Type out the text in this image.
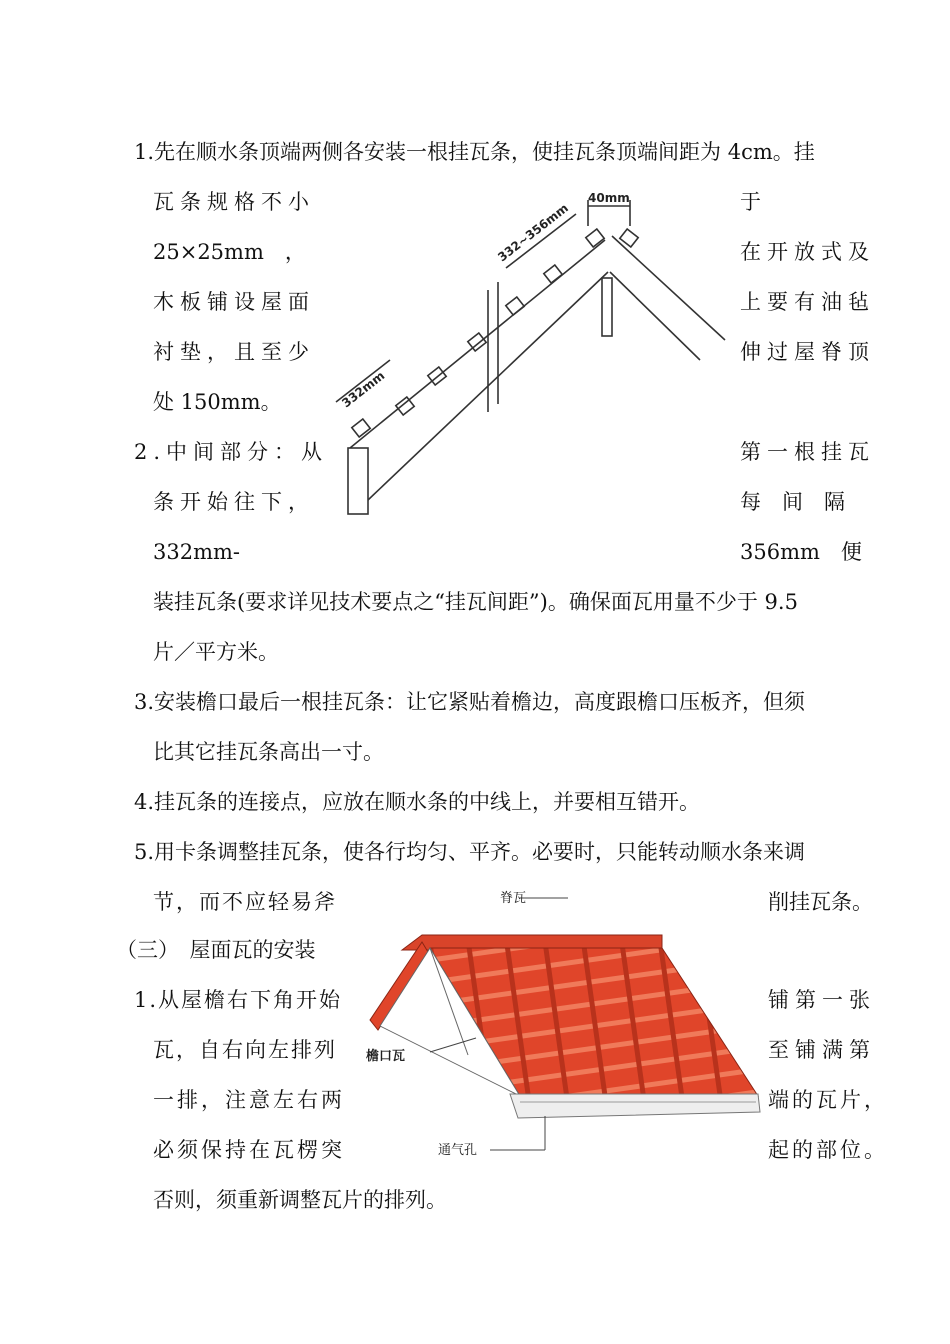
1.先在顺水条顶端两侧各安装一根挂瓦条，使挂瓦条顶端间距为 4cm。挂
瓦条规格不小	于
25×25mm　，	在开放式及
木板铺设屋面	上要有油毡
衬垫，且至少	伸过屋脊顶
处 150mm。
2.中间部分：从	第一根挂瓦
条开始往下，	每　间　隔
332mm-	356mm　便
装挂瓦条(要求详见技术要点之“挂瓦间距”)。确保面瓦用量不少于 9.5
片／平方米。
3.安装檐口最后一根挂瓦条：让它紧贴着檐边，高度跟檐口压板齐，但须
比其它挂瓦条高出一寸。
4.挂瓦条的连接点，应放在顺水条的中线上，并要相互错开。
5.用卡条调整挂瓦条，使各行均匀、平齐。必要时，只能转动顺水条来调
节，而不应轻易斧	削挂瓦条。
（三）　屋面瓦的安装
1.从屋檐右下角开始	铺第一张
瓦，自右向左排列	至铺满第
一排，注意左右两	端的瓦片，
必须保持在瓦楞突	起的部位。
否则，须重新调整瓦片的排列。
40mm
332~356mm
332mm
脊瓦
檐口瓦
通气孔
